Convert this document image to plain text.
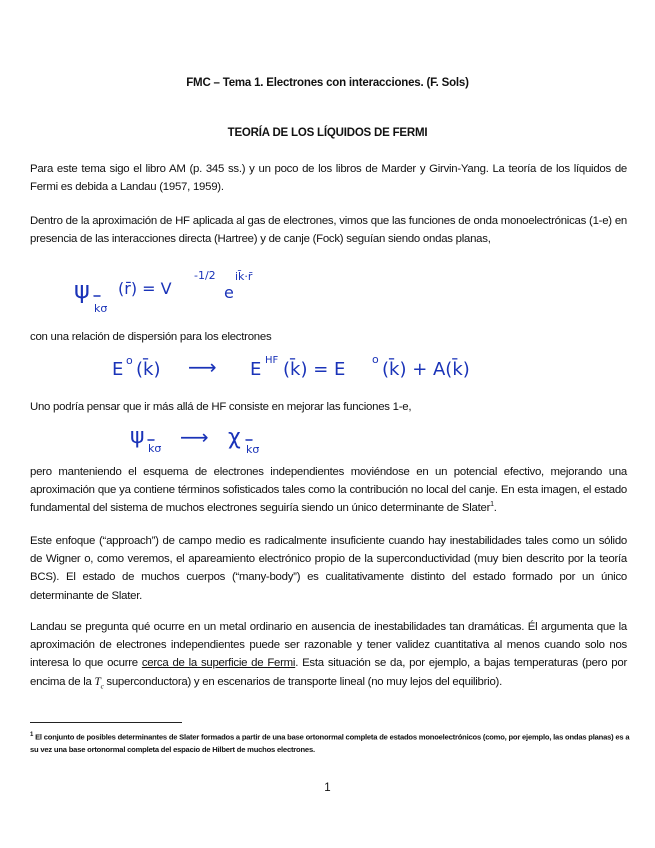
FMC – Tema 1. Electrones con interacciones. (F. Sols)
TEORÍA DE LOS LÍQUIDOS DE FERMI
Para este tema sigo el libro AM (p. 345 ss.) y un poco de los libros de Marder y Girvin-Yang. La teoría de los líquidos de Fermi es debida a Landau (1957, 1959).
Dentro de la aproximación de HF aplicada al gas de electrones, vimos que las funciones de onda monoelectrónicas (1-e) en presencia de las interacciones directa (Hartree) y de canje (Fock) seguían siendo ondas planas,
con una relación de dispersión para los electrones
Uno podría pensar que ir más allá de HF consiste en mejorar las funciones 1-e,
pero manteniendo el esquema de electrones independientes moviéndose en un potencial efectivo, mejorando una aproximación que ya contiene términos sofisticados tales como la contribución no local del canje. En esta imagen, el estado fundamental del sistema de muchos electrones seguiría siendo un único determinante de Slater$^1$.
Este enfoque (“approach”) de campo medio es radicalmente insuficiente cuando hay inestabilidades tales como un sólido de Wigner o, como veremos, el apareamiento electrónico propio de la superconductividad (muy bien descrito por la teoría BCS). El estado de muchos cuerpos (“many-body”) es cualitativamente distinto del estado formado por un único determinante de Slater.
Landau se pregunta qué ocurre en un metal ordinario en ausencia de inestabilidades tan dramáticas. Él argumenta que la aproximación de electrones independientes puede ser razonable y tener validez cuantitativa al menos cuando solo nos interesa lo que ocurre cerca de la superficie de Fermi. Esta situación se da, por ejemplo, a bajas temperaturas (pero por encima de la $T_c$ superconductora) y en escenarios de transporte lineal (no muy lejos del equilibrio).
ψ
kσ
(r̄) = V
-1/2
e
ik̄·r̄
E o (k̄) ⟶ E HF (k̄) = E o (k̄) + A(k̄)
ψ kσ ⟶ χ kσ
$^1$ El conjunto de posibles determinantes de Slater formados a partir de una base ortonormal completa de estados monoelectrónicos (como, por ejemplo, las ondas planas) es a su vez una base ortonormal completa del espacio de Hilbert de muchos electrones.
1
